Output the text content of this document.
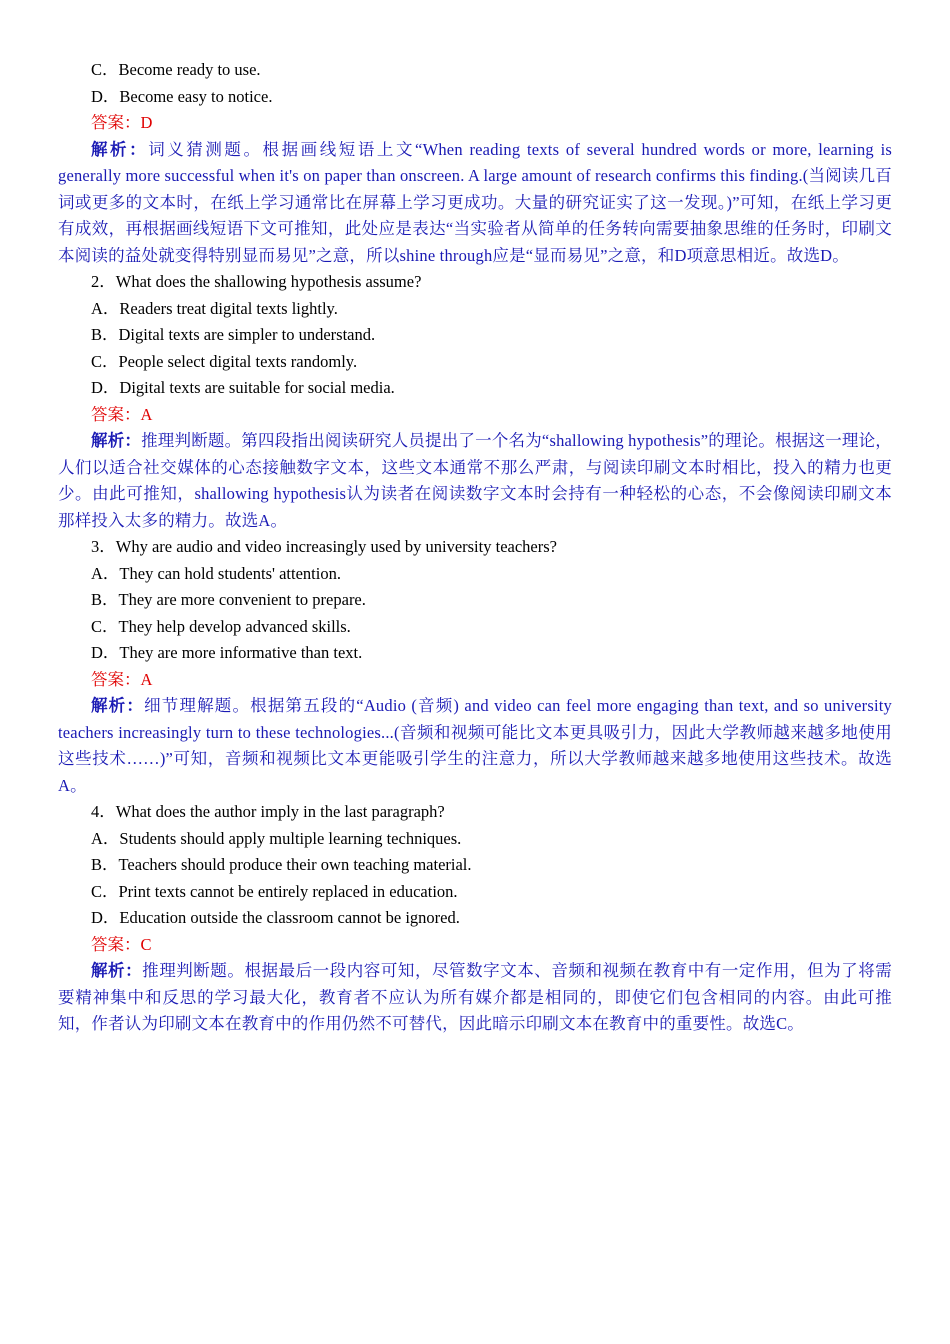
C．Become ready to use.
D．Become easy to notice.
答案：D
解析：词义猜测题。根据画线短语上文“When reading texts of several hundred words or more, learning is generally more successful when it's on paper than onscreen. A large amount of research confirms this finding.(当阅读几百词或更多的文本时，在纸上学习通常比在屏幕上学习更成功。大量的研究证实了这一发现。)”可知，在纸上学习更有成效，再根据画线短语下文可推知，此处应是表达“当实验者从简单的任务转向需要抽象思维的任务时，印刷文本阅读的益处就变得特别显而易见”之意，所以shine through应是“显而易见”之意，和D项意思相近。故选D。
2．What does the shallowing hypothesis assume?
A．Readers treat digital texts lightly.
B．Digital texts are simpler to understand.
C．People select digital texts randomly.
D．Digital texts are suitable for social media.
答案：A
解析：推理判断题。第四段指出阅读研究人员提出了一个名为“shallowing hypothesis”的理论。根据这一理论，人们以适合社交媒体的心态接触数字文本，这些文本通常不那么严肃，与阅读印刷文本时相比，投入的精力也更少。由此可推知，shallowing hypothesis认为读者在阅读数字文本时会持有一种轻松的心态，不会像阅读印刷文本那样投入太多的精力。故选A。
3．Why are audio and video increasingly used by university teachers?
A．They can hold students' attention.
B．They are more convenient to prepare.
C．They help develop advanced skills.
D．They are more informative than text.
答案：A
解析：细节理解题。根据第五段的“Audio (音频) and video can feel more engaging than text, and so university teachers increasingly turn to these technologies...(音频和视频可能比文本更具吸引力，因此大学教师越来越多地使用这些技术……)”可知，音频和视频比文本更能吸引学生的注意力，所以大学教师越来越多地使用这些技术。故选A。
4．What does the author imply in the last paragraph?
A．Students should apply multiple learning techniques.
B．Teachers should produce their own teaching material.
C．Print texts cannot be entirely replaced in education.
D．Education outside the classroom cannot be ignored.
答案：C
解析：推理判断题。根据最后一段内容可知，尽管数字文本、音频和视频在教育中有一定作用，但为了将需要精神集中和反思的学习最大化，教育者不应认为所有媒介都是相同的，即使它们包含相同的内容。由此可推知，作者认为印刷文本在教育中的作用仍然不可替代，因此暗示印刷文本在教育中的重要性。故选C。
